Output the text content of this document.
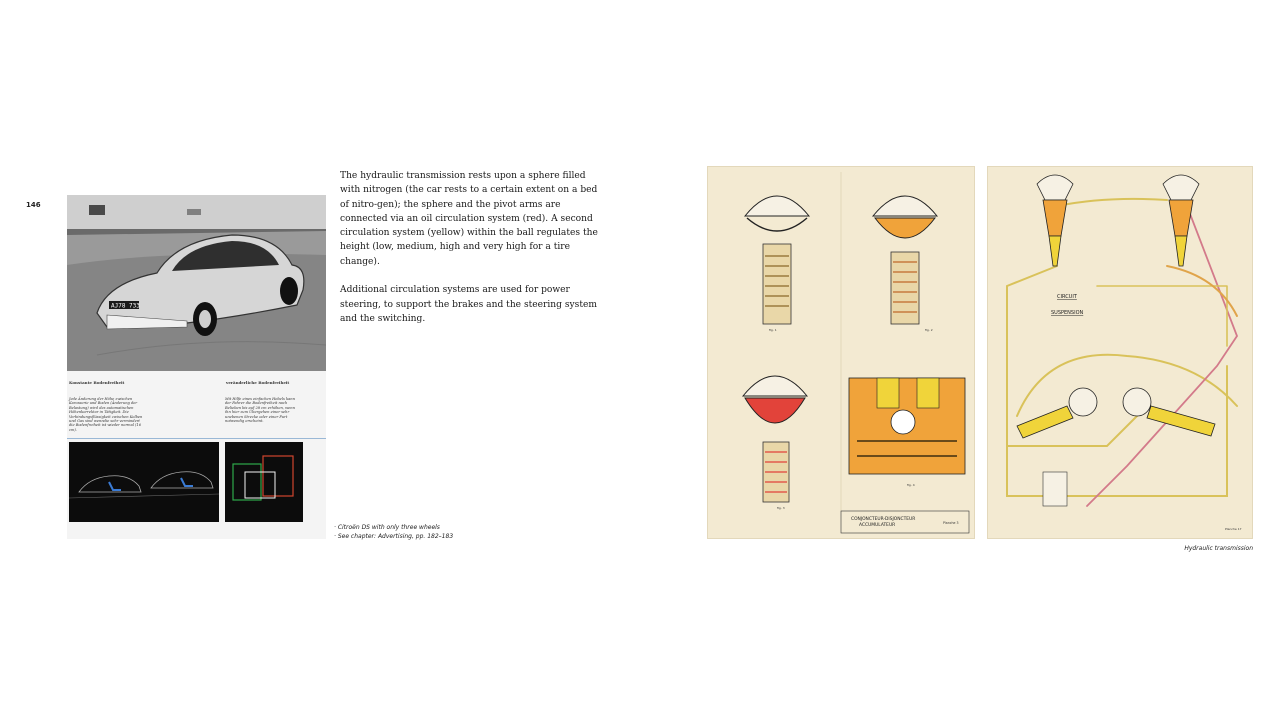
146
AJ78 733
Konstante Bodenfreiheit	veränderliche Bodenfreiheit
Jede Änderung der Höhe zwischen Karosserie und Boden (Änderung der Belastung) wird des automatischen Höhenkorrektor in Tätigkeit. Die Verbindungsflüssigkeit zwischen Kolben und Gas sind wenndie sehr vermindert die Bodenfreiheit ist wieder normal (16 cm).
Mit Hilfe eines einfachen Hebels kann der Fahrer die Bodenfreiheit nach Belieben bis auf 28 cm erhöhen, wenn ihn hier zum Übergehen einer sehr unebenen Strecke oder einer Furt notwendig erscheint.

The hydraulic transmission rests upon a sphere filled with nitrogen (the car rests to a certain extent on a bed of nitro-gen); the sphere and the pivot arms are connected via an oil circulation system (red). A second circulation system (yellow) within the ball regulates the height (low, medium, high and very high for a tire change).

Additional circulation systems are used for power steering, to support the brakes and the steering system and the switching.

· Citroën DS with only three wheels
· See chapter: Advertising, pp. 182–183
fig. 1	fig. 2
fig. 3
fig. 4
CONJONCTEUR-DISJONCTEUR
ACCUMULATEUR	Planche 3
CIRCUIT
SUSPENSION
Planche 17
Hydraulic transmission
